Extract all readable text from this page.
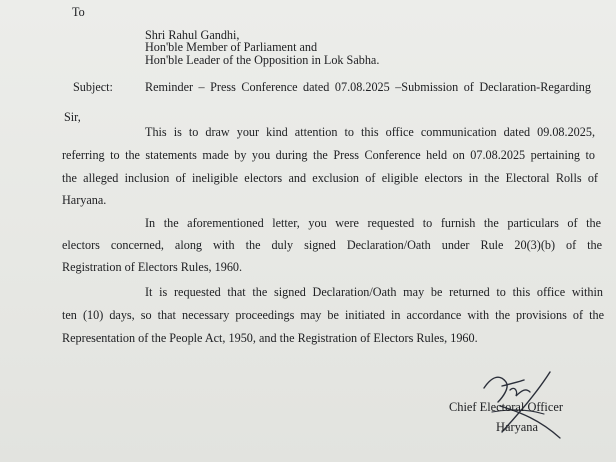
To
Shri Rahul Gandhi,
Hon'ble Member of Parliament and
Hon'ble Leader of the Opposition in Lok Sabha.
Subject:	Reminder – Press Conference dated 07.08.2025 –Submission of Declaration-Regarding
Sir,
This is to draw your kind attention to this office communication dated 09.08.2025,
referring to the statements made by you during the Press Conference held on 07.08.2025 pertaining to
the alleged inclusion of ineligible electors and exclusion of eligible electors in the Electoral Rolls of
Haryana.
In the aforementioned letter, you were requested to furnish the particulars of the
electors concerned, along with the duly signed Declaration/Oath under Rule 20(3)(b) of the
Registration of Electors Rules, 1960.
It is requested that the signed Declaration/Oath may be returned to this office within
ten (10) days, so that necessary proceedings may be initiated in accordance with the provisions of the
Representation of the People Act, 1950, and the Registration of Electors Rules, 1960.
Chief Electoral Officer
Haryana
